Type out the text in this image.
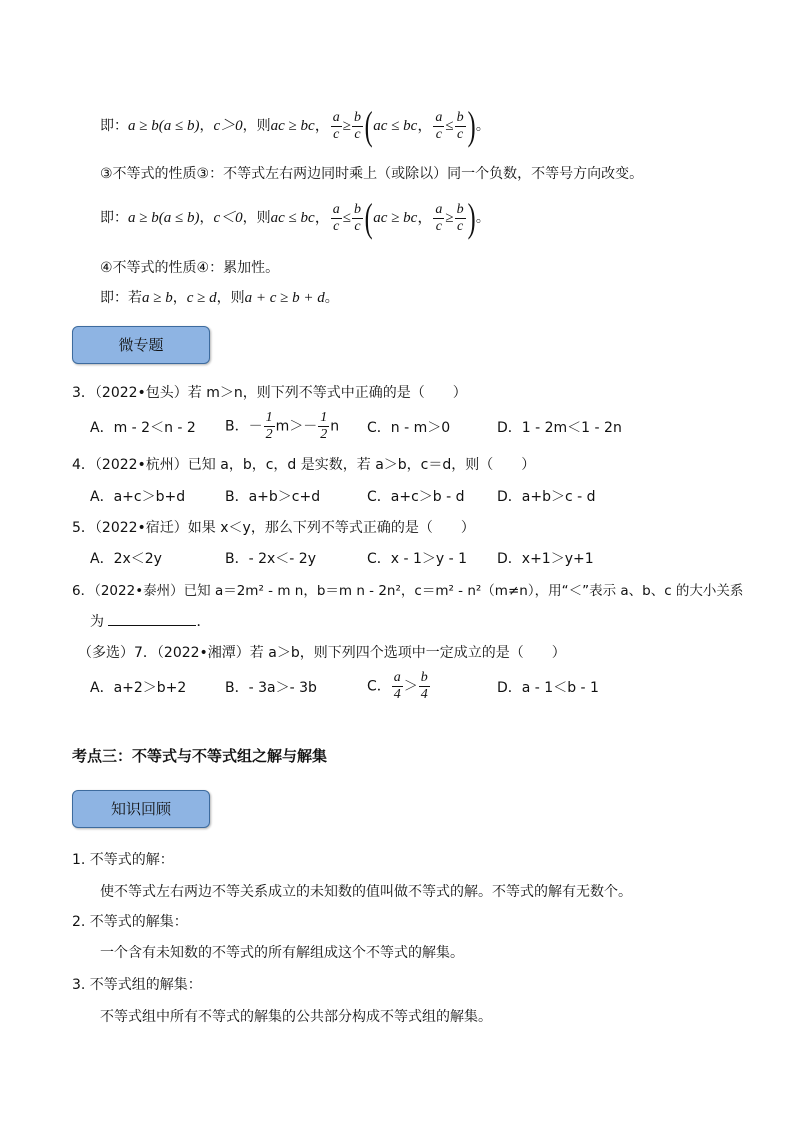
即：a ≥ b(a ≤ b)，c＞0，则ac ≥ bc， $\frac{a}{c} \ge \frac{b}{c} (ac$ ≤ bc， $\frac{a}{c} \le \frac{b}{c}$ )。
③不等式的性质③：不等式左右两边同时乘上（或除以）同一个负数，不等号方向改变。
即：a ≥ b(a ≤ b)，c＜0，则ac ≤ bc， $\frac{a}{c} \le \frac{b}{c} (ac$ ≥ bc， $\frac{a}{c} \ge \frac{b}{c}$ )。
④不等式的性质④：累加性。
即：若a ≥ b，c ≥ d，则a + c ≥ b + d。
微专题
3．（2022•包头）若 m＞n，则下列不等式中正确的是（　　）
A．m - 2＜n - 2 B．－ $\frac{1}{2} m>- \frac{1}{2}$ n C．n - m＞0	D．1 - 2m＜1 - 2n
4．（2022•杭州）已知 a，b，c，d 是实数，若 a＞b，c＝d，则（　　）
A．a+c＞b+d	B．a+b＞c+d	C．a+c＞b - d D．a+b＞c - d
5．（2022•宿迁）如果 x＜y，那么下列不等式正确的是（　　）
A．2x＜2y	B．- 2x＜- 2y	C．x - 1＞y - 1 D．x+1＞y+1
6．（2022•泰州）已知 a＝2m² - m n，b＝m n - 2n²，c＝m² - n²（m≠n），用“＜”表示 a、b、c 的大小关系
为	．
（多选）7．（2022•湘潭）若 a＞b，则下列四个选项中一定成立的是（　　）
A．a+2＞b+2	B．- 3a＞- 3b	C． $\frac{a}{4} > \frac{b}{4}$	D．a - 1＜b - 1
考点三：不等式与不等式组之解与解集
知识回顾
1. 不等式的解：
使不等式左右两边不等关系成立的未知数的值叫做不等式的解。不等式的解有无数个。
2. 不等式的解集：
一个含有未知数的不等式的所有解组成这个不等式的解集。
3. 不等式组的解集：
不等式组中所有不等式的解集的公共部分构成不等式组的解集。
